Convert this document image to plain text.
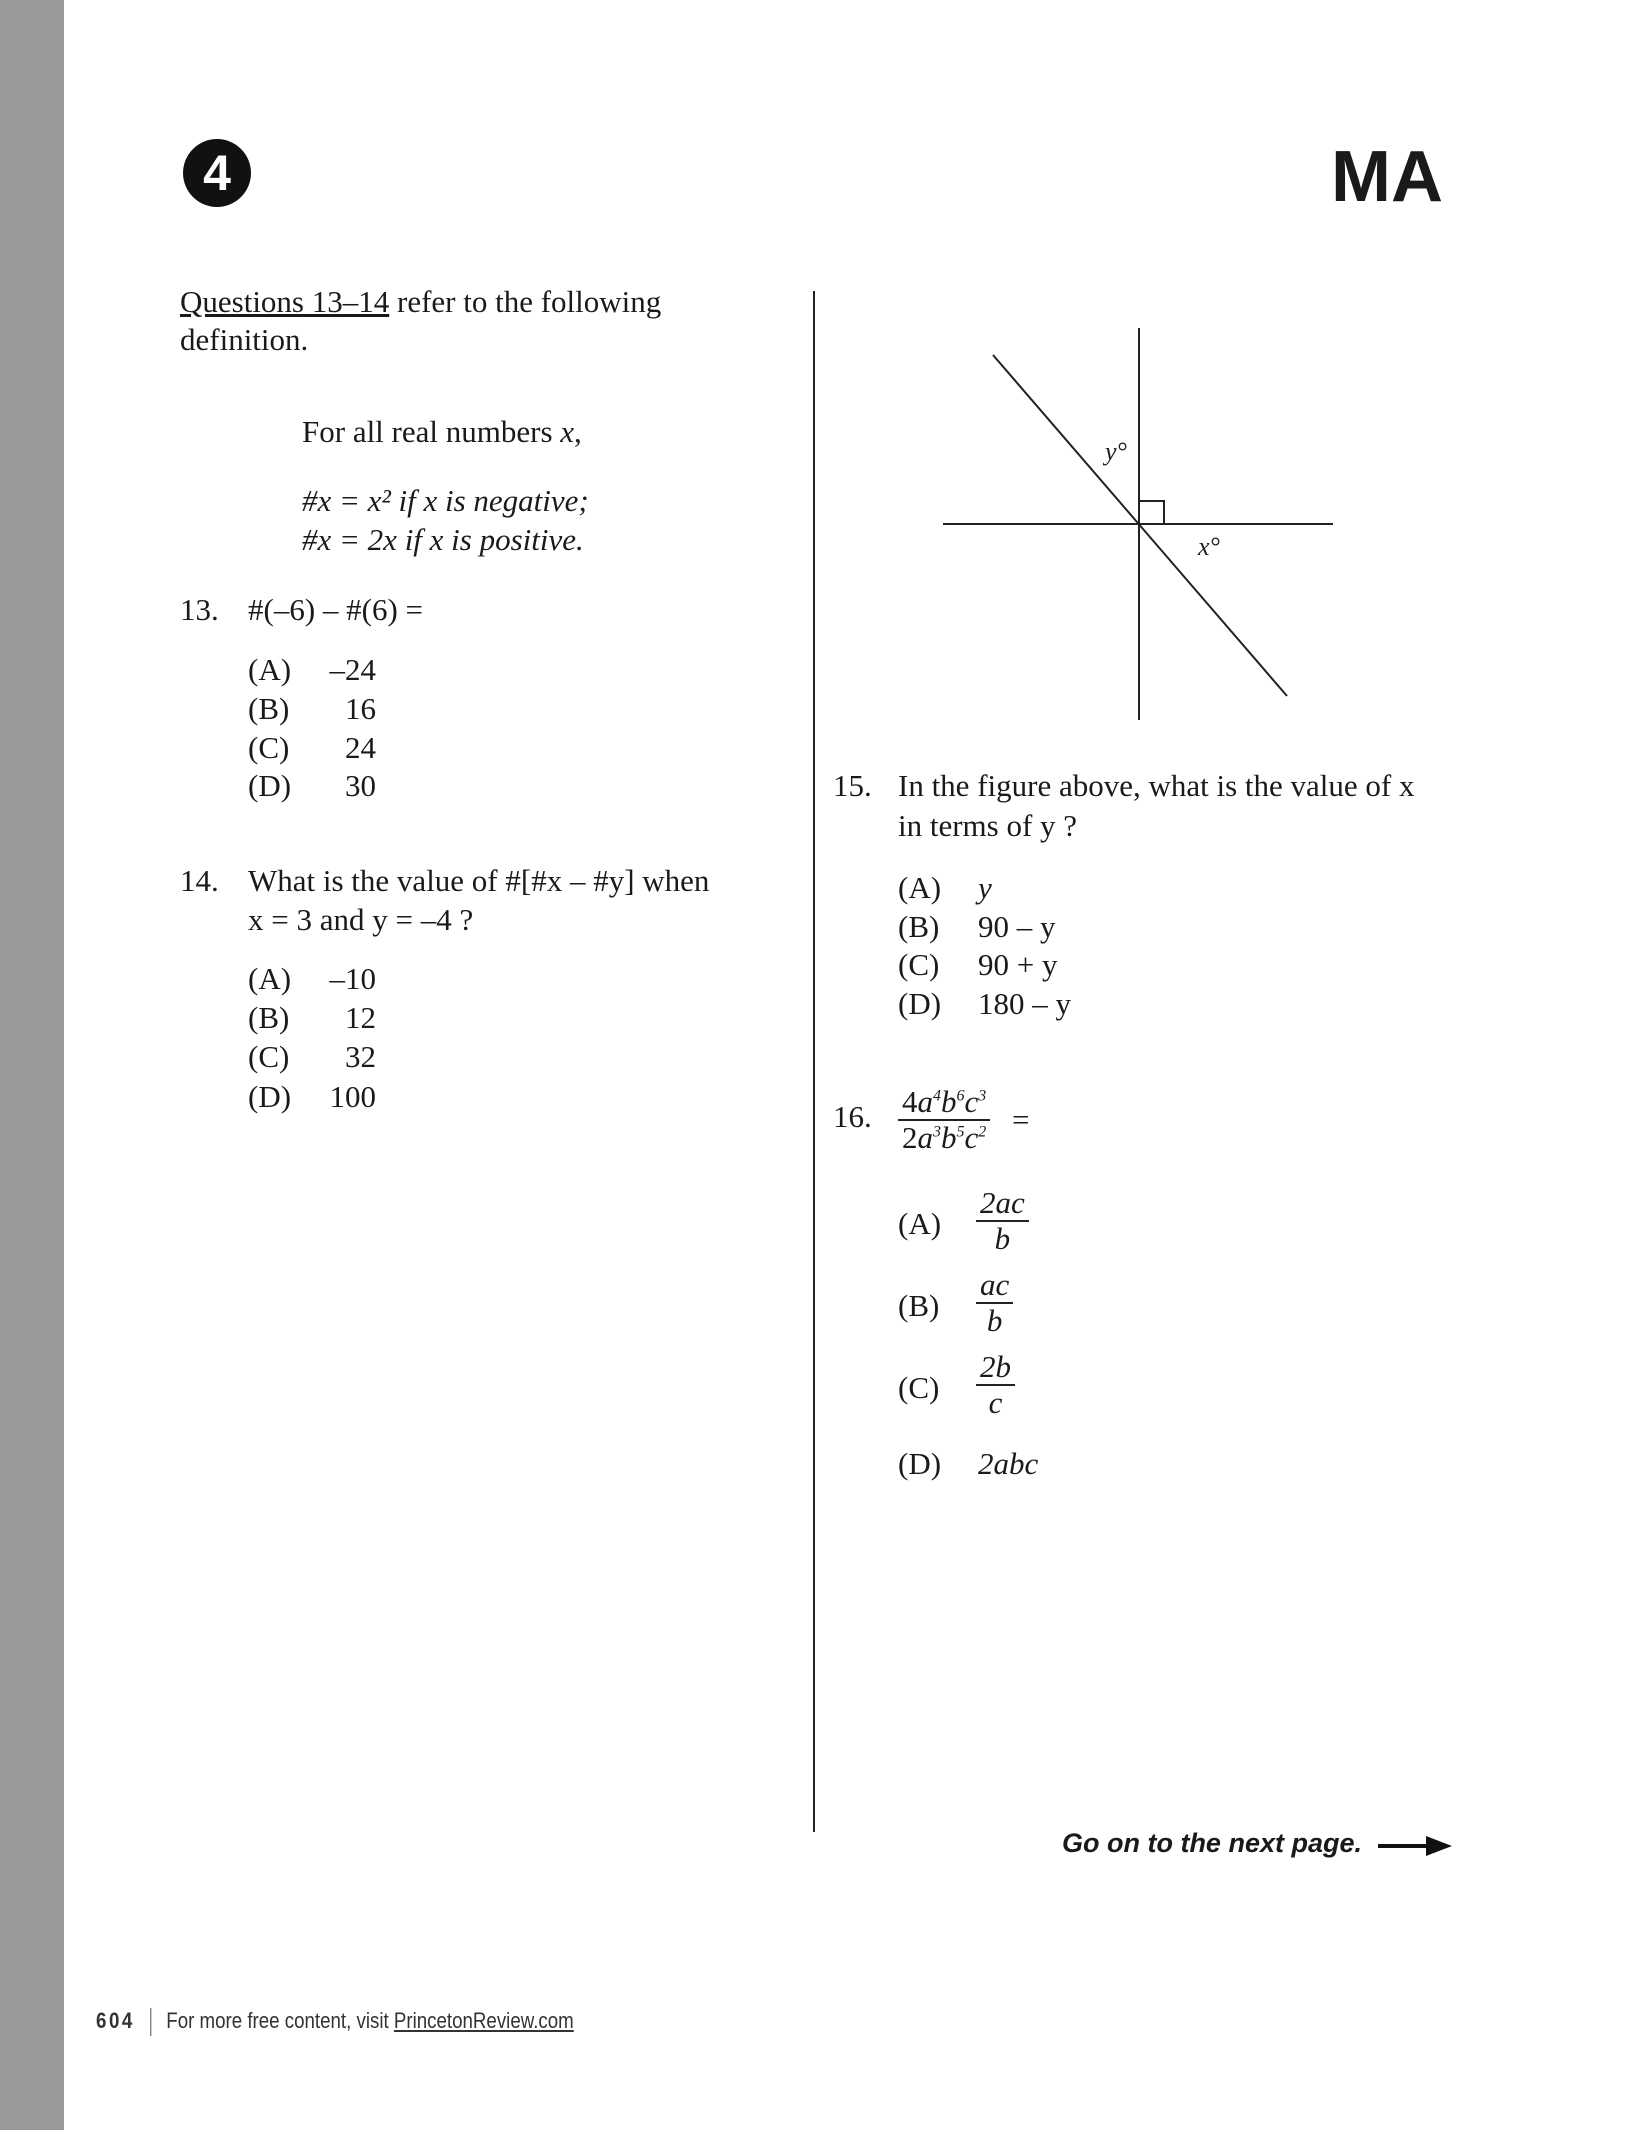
4	MA
Questions 13–14 refer to the following
definition.
For all real numbers x,
#x = x² if x is negative;
#x = 2x if x is positive.
13. #(–6) – #(6) =
(A)	–24
(B)	16
(C)	24
(D)	30
14. What is the value of #[#x – #y] when
x = 3 and y = –4 ?
(A)	–10
(B)	12
(C)	32
(D)	100
y°
x°
15. In the figure above, what is the value of x
in terms of y ?
(A) y
(B) 90 – y
(C) 90 + y
(D) 180 – y
16. $\frac{4a^4b^6c^3}{2a^3b^5c^2}$ =
$(A) \frac{2ac}{b}$
$(B) \frac{ac}{b}$
$(C) \frac{2b}{c}$
(D) 2abc
Go on to the next page.
604 For more free content, visit PrincetonReview.com
